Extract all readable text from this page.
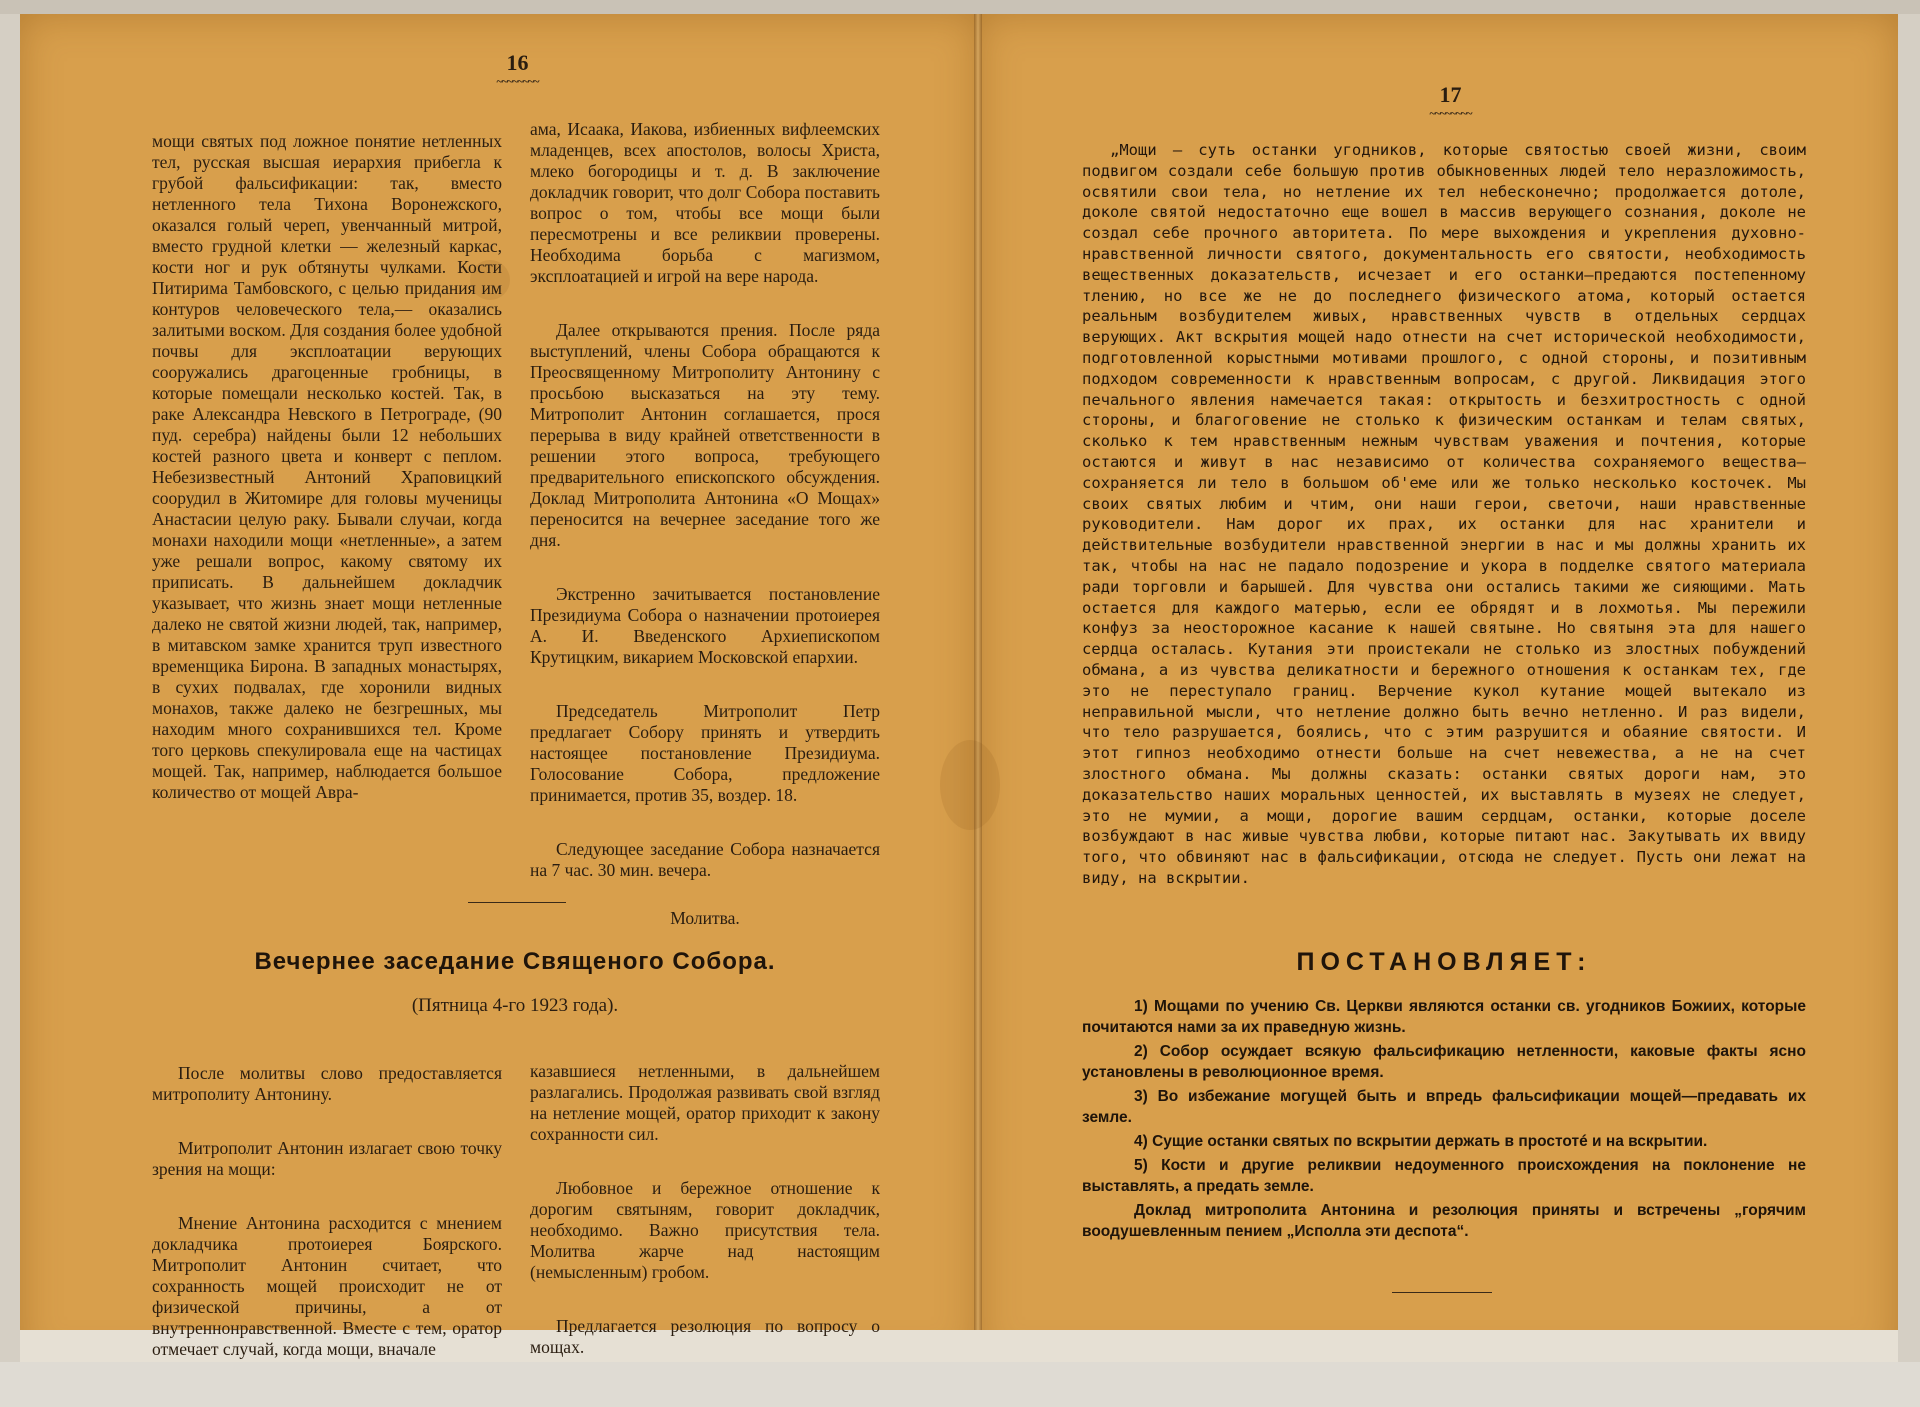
16
~~~~~~~~

мощи святых под ложное понятие нетленных тел, русская высшая иерархия прибегла к грубой фальсификации: так, вместо нетленного тела Тихона Воронежского, оказался голый череп, увенчанный митрой, вместо грудной клетки — железный каркас, кости ног и рук обтянуты чулками. Кости Питирима Тамбовского, с целью придания им контуров человеческого тела,— оказались залитыми воском. Для создания более удобной почвы для эксплоатации верующих сооружались драгоценные гробницы, в которые помещали несколько костей. Так, в раке Александра Невского в Петрограде, (90 пуд. серебра) найдены были 12 небольших костей разного цвета и конверт с пеплом. Небезизвестный Антоний Храповицкий соорудил в Житомире для головы мученицы Анастасии целую раку. Бывали случаи, когда монахи находили мощи «нетленные», а затем уже решали вопрос, какому святому их приписать. В дальнейшем докладчик указывает, что жизнь знает мощи нетленные далеко не святой жизни людей, так, например, в митавском замке хранится труп известного временщика Бирона. В западных монастырях, в сухих подвалах, где хоронили видных монахов, также далеко не безгрешных, мы находим много сохранившихся тел. Кроме того церковь спекулировала еще на частицах мощей. Так, например, наблюдается большое количество от мощей Авра-

ама, Исаака, Иакова, избиенных вифлеемских младенцев, всех апостолов, волосы Христа, млеко богородицы и т. д. В заключение докладчик говорит, что долг Собора поставить вопрос о том, чтобы все мощи были пересмотрены и все реликвии проверены. Необходима борьба с магизмом, эксплоатацией и игрой на вере народа.

Далее открываются прения. После ряда выступлений, члены Собора обращаются к Преосвященному Митрополиту Антонину с просьбою высказаться на эту тему. Митрополит Антонин соглашается, прося перерыва в виду крайней ответственности в решении этого вопроса, требующего предварительного епископского обсуждения. Доклад Митрополита Антонина «О Мощах» переносится на вечернее заседание того же дня.

Экстренно зачитывается постановление Президиума Собора о назначении протоиерея А. И. Введенского Архиепископом Крутицким, викарием Московской епархии.

Председатель Митрополит Петр предлагает Собору принять и утвердить настоящее постановление Президиума. Голосование Собора, предложение принимается, против 35, воздер. 18.

Следующее заседание Собора назначается на 7 час. 30 мин. вечера.

Молитва.

Вечернее заседание Священого Собора.
(Пятница 4-го 1923 года).

После молитвы слово предоставляется митрополиту Антонину.

Митрополит Антонин излагает свою точку зрения на мощи:

Мнение Антонина расходится с мнением докладчика протоиерея Боярского. Митрополит Антонин считает, что сохранность мощей происходит не от физической причины, а от внутреннонравственной. Вместе с тем, оратор отмечает случай, когда мощи, вначале

казавшиеся нетленными, в дальнейшем разлагались. Продолжая развивать свой взгляд на нетление мощей, оратор приходит к закону сохранности сил.

Любовное и бережное отношение к дорогим святыням, говорит докладчик, необходимо. Важно присутствия тела. Молитва жарче над настоящим (немысленным) гробом.

Предлагается резолюция по вопросу о мощах.

17
~~~~~~~~

„Мощи — суть останки угодников, которые святостью своей жизни, своим подвигом создали себе большую против обыкновенных людей тело неразложимость, освятили свои тела, но нетление их тел небесконечно; продолжается дотоле, доколе святой недостаточно еще вошел в массив верующего сознания, доколе не создал себе прочного авторитета. По мере выхождения и укрепления духовно-нравственной личности святого, документальность его святости, необходимость вещественных доказательств, исчезает и его останки—предаются постепенному тлению, но все же не до последнего физического атома, который остается реальным возбудителем живых, нравственных чувств в отдельных сердцах верующих. Акт вскрытия мощей надо отнести на счет исторической необходимости, подготовленной корыстными мотивами прошлого, с одной стороны, и позитивным подходом современности к нравственным вопросам, с другой. Ликвидация этого печального явления намечается такая: открытость и безхитростность с одной стороны, и благоговение не столько к физическим останкам и телам святых, сколько к тем нравственным нежным чувствам уважения и почтения, которые остаются и живут в нас независимо от количества сохраняемого вещества—сохраняется ли тело в большом об'еме или же только несколько косточек. Мы своих святых любим и чтим, они наши герои, светочи, наши нравственные руководители. Нам дорог их прах, их останки для нас хранители и действительные возбудители нравственной энергии в нас и мы должны хранить их так, чтобы на нас не падало подозрение и укора в подделке святого материала ради торговли и барышей. Для чувства они остались такими же сияющими. Мать остается для каждого матерью, если ее обрядят и в лохмотья. Мы пережили конфуз за неосторожное касание к нашей святыне. Но святыня эта для нашего сердца осталась. Кутания эти проистекали не столько из злостных побуждений обмана, а из чувства деликатности и бережного отношения к останкам тех, где это не переступало границ. Верчение кукол кутание мощей вытекало из неправильной мысли, что нетление должно быть вечно нетленно. И раз видели, что тело разрушается, боялись, что с этим разрушится и обаяние святости. И этот гипноз необходимо отнести больше на счет невежества, а не на счет злостного обмана. Мы должны сказать: останки святых дороги нам, это доказательство наших моральных ценностей, их выставлять в музеях не следует, это не мумии, а мощи, дорогие вашим сердцам, останки, которые доселе возбуждают в нас живые чувства любви, которые питают нас. Закутывать их ввиду того, что обвиняют нас в фальсификации, отсюда не следует. Пусть они лежат на виду, на вскрытии.

ПОСТАНОВЛЯЕТ:

1) Мощами по учению Св. Церкви являются останки св. угодников Божиих, которые почитаются нами за их праведную жизнь.

2) Собор осуждает всякую фальсификацию нетленности, каковые факты ясно установлены в революционное время.

3) Во избежание могущей быть и впредь фальсификации мощей—предавать их земле.

4) Сущие останки святых по вскрытии держать в простотé и на вскрытии.

5) Кости и другие реликвии недоуменного происхождения на поклонение не выставлять, а предать земле.

Доклад митрополита Антонина и резолюция приняты и встречены „горячим воодушевленным пением „Исполла эти деспота“.
